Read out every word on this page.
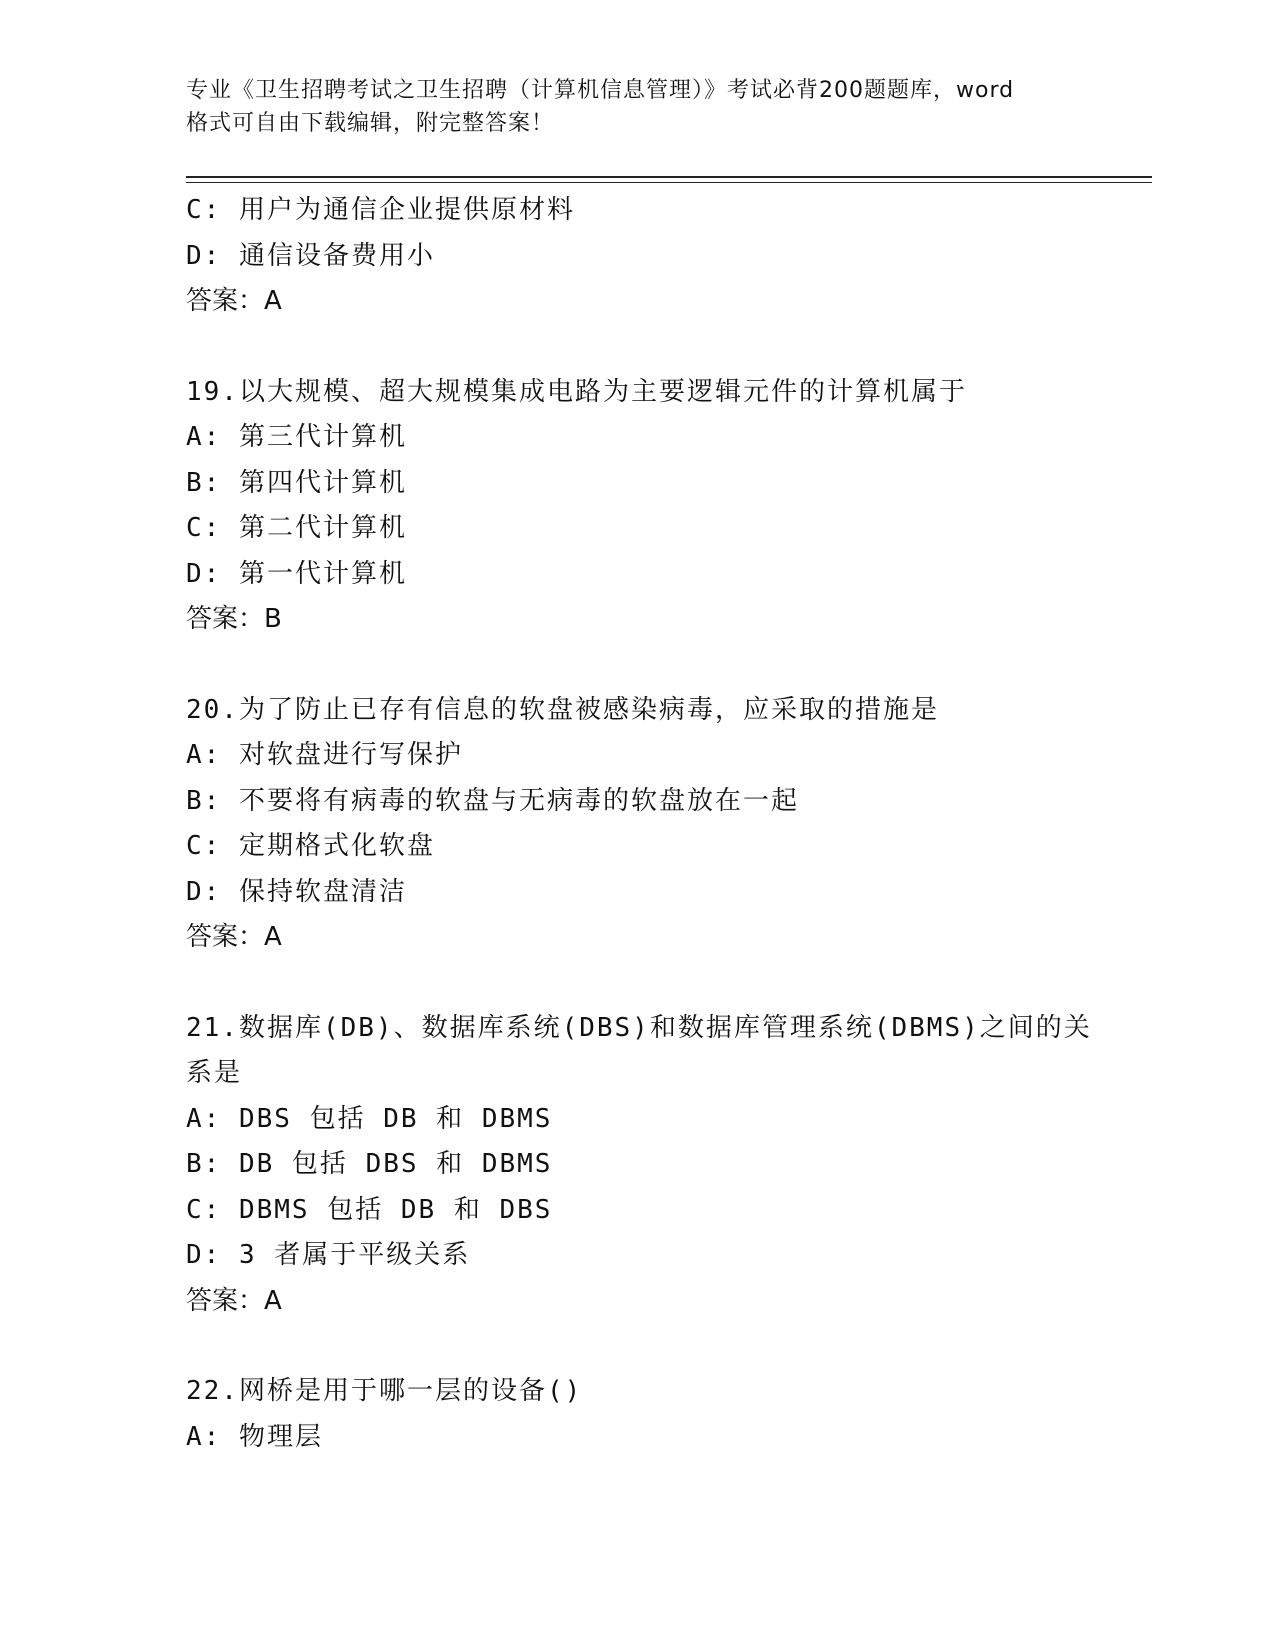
专业《卫生招聘考试之卫生招聘（计算机信息管理）》考试必背200题题库，word
格式可自由下载编辑，附完整答案！
C: 用户为通信企业提供原材料
D: 通信设备费用小
答案：A
19.以大规模、超大规模集成电路为主要逻辑元件的计算机属于
A: 第三代计算机
B: 第四代计算机
C: 第二代计算机
D: 第一代计算机
答案：B
20.为了防止已存有信息的软盘被感染病毒，应采取的措施是
A: 对软盘进行写保护
B: 不要将有病毒的软盘与无病毒的软盘放在一起
C: 定期格式化软盘
D: 保持软盘清洁
答案：A
21.数据库(DB)、数据库系统(DBS)和数据库管理系统(DBMS)之间的关
系是
A: DBS 包括 DB 和 DBMS
B: DB 包括 DBS 和 DBMS
C: DBMS 包括 DB 和 DBS
D: 3 者属于平级关系
答案：A
22.网桥是用于哪一层的设备()
A: 物理层
